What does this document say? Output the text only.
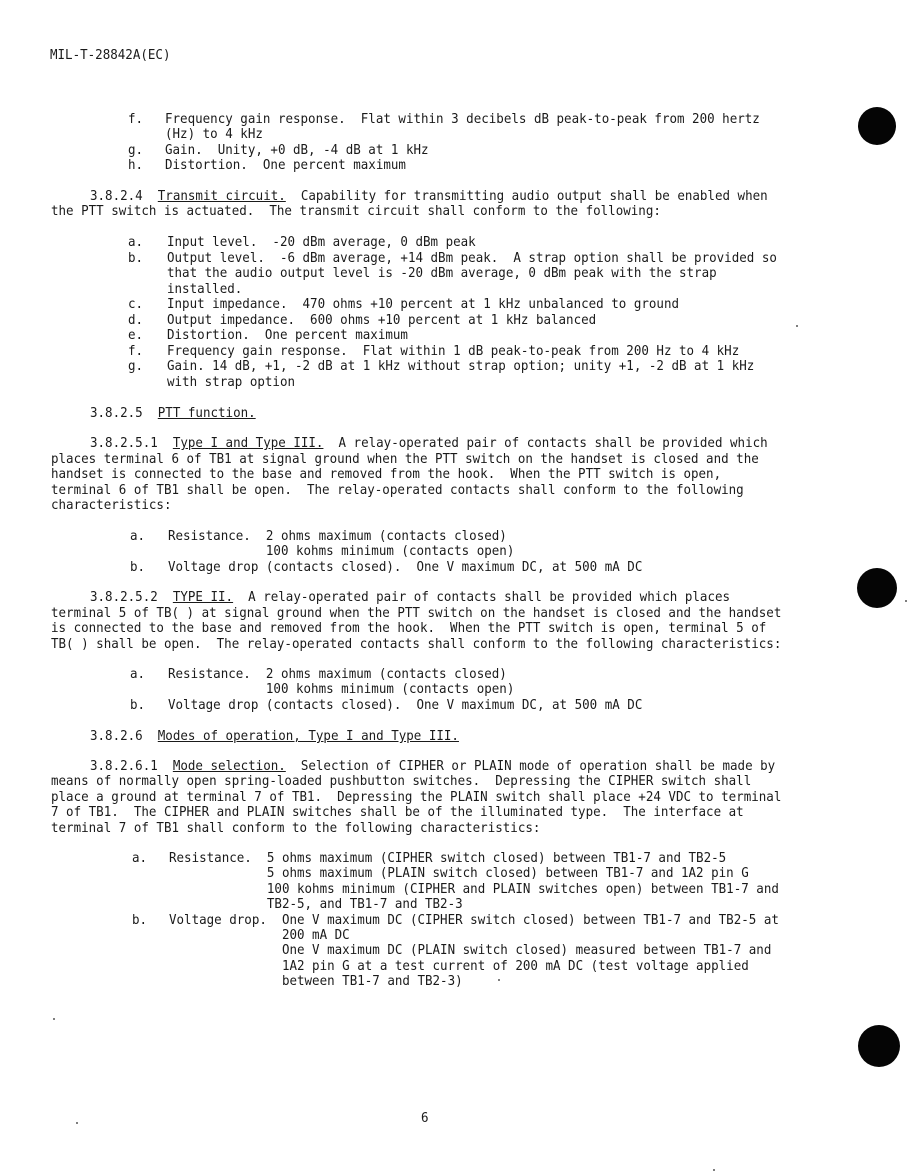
MIL-T-28842A(EC)
f. Frequency gain response.  Flat within 3 decibels dB peak-to-peak from 200 hertz
(Hz) to 4 kHz
g. Gain.  Unity, +0 dB, -4 dB at 1 kHz
h. Distortion.  One percent maximum
3.8.2.4 Transmit circuit.  Capability for transmitting audio output shall be enabled when
the PTT switch is actuated.  The transmit circuit shall conform to the following:
a. Input level.  -20 dBm average, 0 dBm peak
b. Output level.  -6 dBm average, +14 dBm peak.  A strap option shall be provided so
that the audio output level is -20 dBm average, 0 dBm peak with the strap
installed.
c. Input impedance.  470 ohms +10 percent at 1 kHz unbalanced to ground
d. Output impedance.  600 ohms +10 percent at 1 kHz balanced
e. Distortion.  One percent maximum
f. Frequency gain response.  Flat within 1 dB peak-to-peak from 200 Hz to 4 kHz
g. Gain. 14 dB, +1, -2 dB at 1 kHz without strap option; unity +1, -2 dB at 1 kHz
with strap option
3.8.2.5 PTT function.
3.8.2.5.1 Type I and Type III.  A relay-operated pair of contacts shall be provided which
places terminal 6 of TB1 at signal ground when the PTT switch on the handset is closed and the
handset is connected to the base and removed from the hook.  When the PTT switch is open,
terminal 6 of TB1 shall be open.  The relay-operated contacts shall conform to the following
characteristics:
a. Resistance.  2 ohms maximum (contacts closed)
100 kohms minimum (contacts open)
b. Voltage drop (contacts closed).  One V maximum DC, at 500 mA DC
3.8.2.5.2 TYPE II.  A relay-operated pair of contacts shall be provided which places
terminal 5 of TB( ) at signal ground when the PTT switch on the handset is closed and the handset
is connected to the base and removed from the hook.  When the PTT switch is open, terminal 5 of
TB( ) shall be open.  The relay-operated contacts shall conform to the following characteristics:
a. Resistance.  2 ohms maximum (contacts closed)
100 kohms minimum (contacts open)
b. Voltage drop (contacts closed).  One V maximum DC, at 500 mA DC
3.8.2.6 Modes of operation, Type I and Type III.
3.8.2.6.1 Mode selection.  Selection of CIPHER or PLAIN mode of operation shall be made by
means of normally open spring-loaded pushbutton switches.  Depressing the CIPHER switch shall
place a ground at terminal 7 of TB1.  Depressing the PLAIN switch shall place +24 VDC to terminal
7 of TB1.  The CIPHER and PLAIN switches shall be of the illuminated type.  The interface at
terminal 7 of TB1 shall conform to the following characteristics:
a. Resistance.  5 ohms maximum (CIPHER switch closed) between TB1-7 and TB2-5
5 ohms maximum (PLAIN switch closed) between TB1-7 and 1A2 pin G
100 kohms minimum (CIPHER and PLAIN switches open) between TB1-7 and
TB2-5, and TB1-7 and TB2-3
b. Voltage drop.  One V maximum DC (CIPHER switch closed) between TB1-7 and TB2-5 at
200 mA DC
One V maximum DC (PLAIN switch closed) measured between TB1-7 and
1A2 pin G at a test current of 200 mA DC (test voltage applied
between TB1-7 and TB2-3)
6
